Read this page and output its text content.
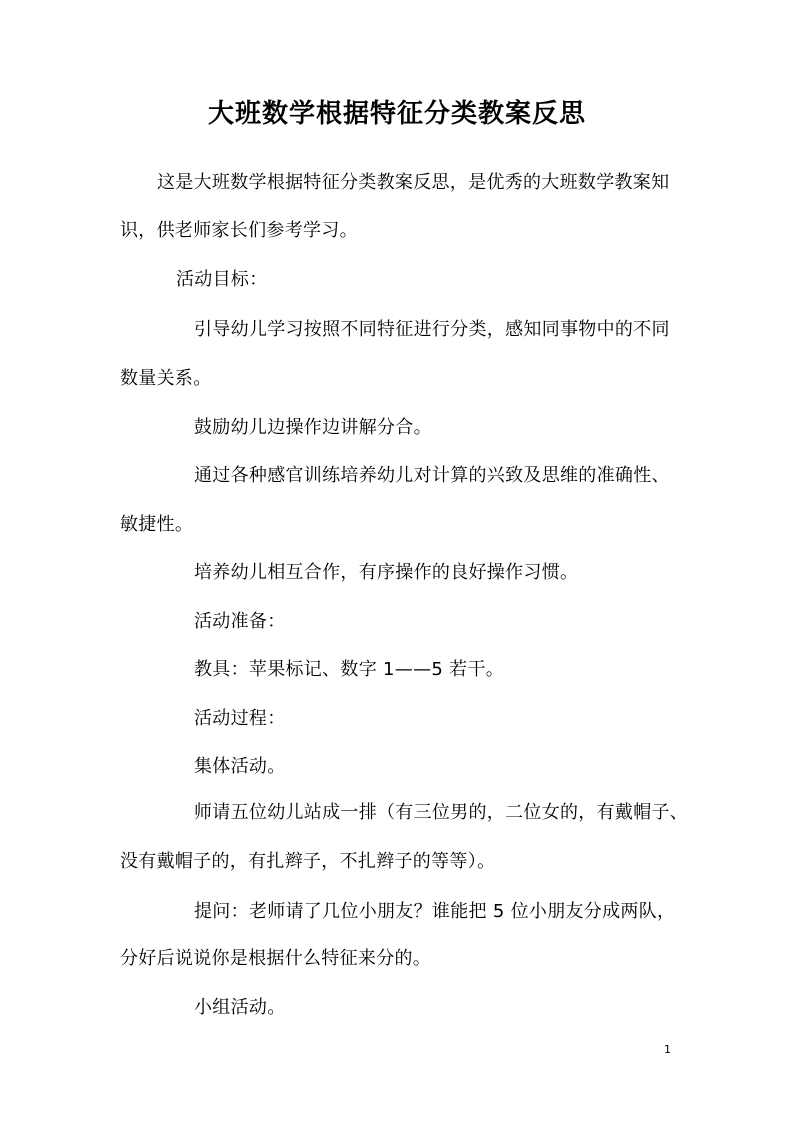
大班数学根据特征分类教案反思
这是大班数学根据特征分类教案反思，是优秀的大班数学教案知
识，供老师家长们参考学习。
活动目标：
引导幼儿学习按照不同特征进行分类，感知同事物中的不同
数量关系。
鼓励幼儿边操作边讲解分合。
通过各种感官训练培养幼儿对计算的兴致及思维的准确性、
敏捷性。
培养幼儿相互合作，有序操作的良好操作习惯。
活动准备：
教具：苹果标记、数字 1——5 若干。
活动过程：
集体活动。
师请五位幼儿站成一排（有三位男的，二位女的，有戴帽子、
没有戴帽子的，有扎辫子，不扎辫子的等等）。
提问：老师请了几位小朋友？谁能把 5 位小朋友分成两队，
分好后说说你是根据什么特征来分的。
小组活动。
1
